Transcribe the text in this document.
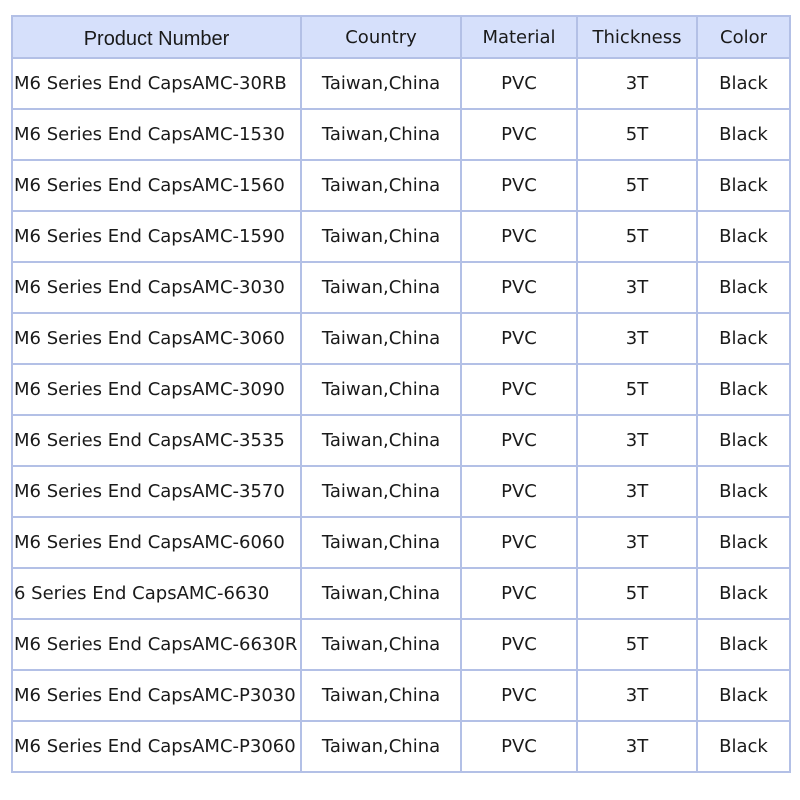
Product Number	Country	Material	Thickness	Color
M6 Series End CapsAMC-30RB	Taiwan,China	PVC	3T	Black
M6 Series End CapsAMC-1530	Taiwan,China	PVC	5T	Black
M6 Series End CapsAMC-1560	Taiwan,China	PVC	5T	Black
M6 Series End CapsAMC-1590	Taiwan,China	PVC	5T	Black
M6 Series End CapsAMC-3030	Taiwan,China	PVC	3T	Black
M6 Series End CapsAMC-3060	Taiwan,China	PVC	3T	Black
M6 Series End CapsAMC-3090	Taiwan,China	PVC	5T	Black
M6 Series End CapsAMC-3535	Taiwan,China	PVC	3T	Black
M6 Series End CapsAMC-3570	Taiwan,China	PVC	3T	Black
M6 Series End CapsAMC-6060	Taiwan,China	PVC	3T	Black
6 Series End CapsAMC-6630	Taiwan,China	PVC	5T	Black
M6 Series End CapsAMC-6630R	Taiwan,China	PVC	5T	Black
M6 Series End CapsAMC-P3030	Taiwan,China	PVC	3T	Black
M6 Series End CapsAMC-P3060	Taiwan,China	PVC	3T	Black
